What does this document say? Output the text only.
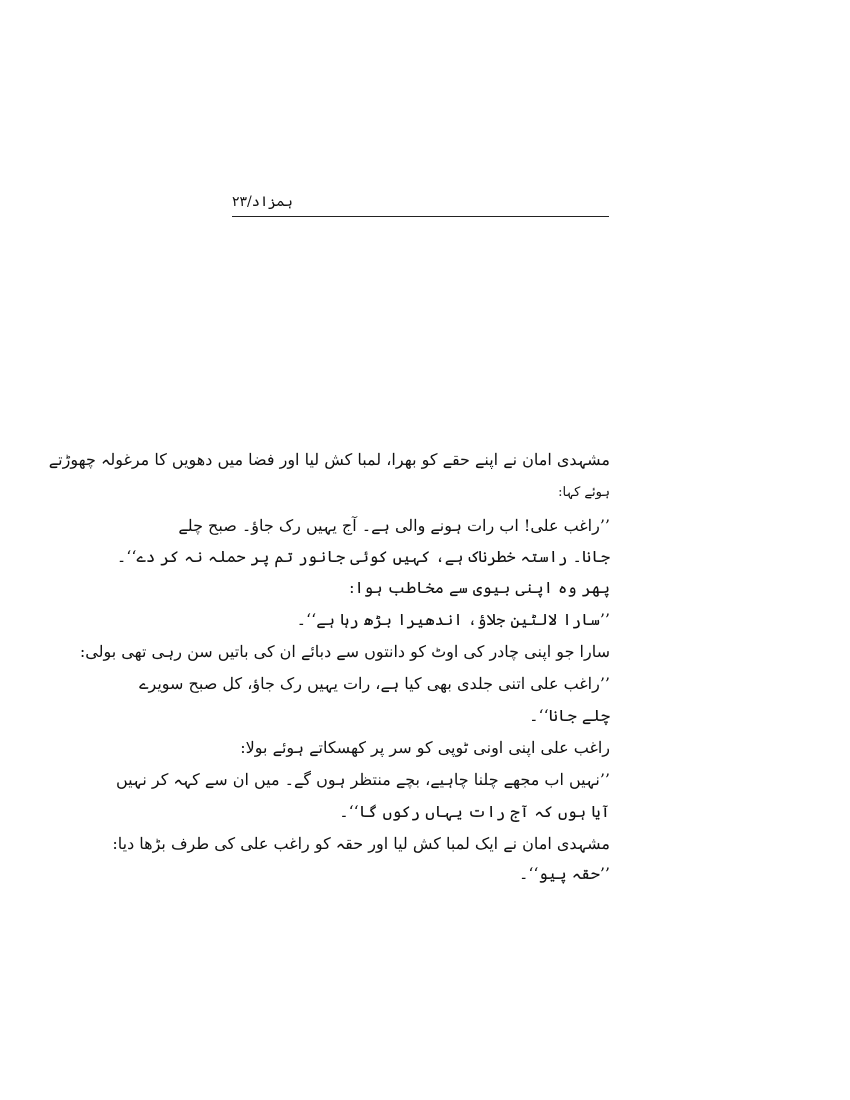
ہمزاد/۲۳
مشہدی امان نے اپنے حقے کو بھرا، لمبا کش لیا اور فضا میں دھویں کا مرغولہ چھوڑتے
ہوئے کہا:
’’راغب علی! اب رات ہونے والی ہے۔ آج یہیں رک جاؤ۔ صبح چلے
جانا۔ راستہ خطرناک ہے، کہیں کوئی جانور تم پر حملہ نہ کر دے‘‘۔
پھر وہ اپنی بیوی سے مخاطب ہوا:
’’سارا لالٹین جلاؤ، اندھیرا بڑھ رہا ہے‘‘۔
سارا جو اپنی چادر کی اوٹ کو دانتوں سے دبائے ان کی باتیں سن رہی تھی بولی:
’’راغب علی اتنی جلدی بھی کیا ہے، رات یہیں رک جاؤ، کل صبح سویرے
چلے جانا‘‘۔
راغب علی اپنی اونی ٹوپی کو سر پر کھسکاتے ہوئے بولا:
’’نہیں اب مجھے چلنا چاہیے، بچے منتظر ہوں گے۔ میں ان سے کہہ کر نہیں
آیا ہوں کہ آج رات یہاں رکوں گا‘‘۔
مشہدی امان نے ایک لمبا کش لیا اور حقہ کو راغب علی کی طرف بڑھا دیا:
’’حقہ پیو‘‘۔
